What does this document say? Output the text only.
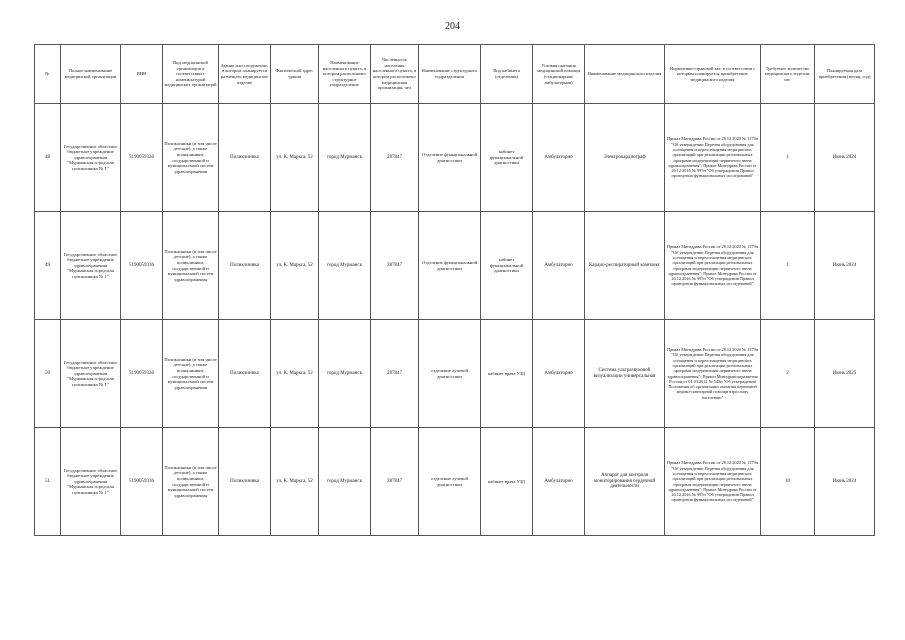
204
№	Полное наименование медицинской организации	ИНН	Вид медицинской организации в соответствии с номенклатурой медицинских организаций	Здание или сооружение, в котором планируется размещать медицинское изделие	Фактический адрес здания	Наименование населенного пункта, в котором расположено структурное подразделение	Численность населения населенного пункта, в котором расположено медицинская организация, чел	Наименование структурного подразделения	Вид кабинета (отделения)	Условия оказания медицинской помощи (стационарная/ амбулаторная)	Наименование медицинского изделия	Нормативно-правовой акт, в соответствии с которым планируется приобретение медицинского изделия	Требуемое количество медицинского изделия, шт.	Планируемая дата приобретения (месяц, год)
48	Государственное областное бюджетное учреждение здравоохранения "Мурманская городская поликлиника № 1"	5190059336	Поликлиники (в том числе детские), а также поликлиники, государственной и муниципальной систем здравоохранения	Поликлиника	ул. К. Маркса, 52	город Мурманск	287847	Отделение функциональной диагностики	кабинет функциональной диагностики	Амбулаторно	Электрокардиограф	Приказ Минздрава России от 28.12.2020 № 1379н "Об утверждении Перечня оборудования для оснащения и переоснащения медицинских организаций при реализации региональных программ модернизации первичного звена здравоохранения"; Приказ Минздрава России от 26.12.2016 № 997н "Об утверждении Правил проведения функциональных исследований"	1	Июнь 2024
49	Государственное областное бюджетное учреждение здравоохранения "Мурманская городская поликлиника № 1"	5190059336	Поликлиники (в том числе детские), а также поликлиники, государственной и муниципальной систем здравоохранения	Поликлиника	ул. К. Маркса, 52	город Мурманск	287847	Отделение функциональной диагностики	кабинет функциональной диагностики	Амбулаторно	Кардио-респираторный комплекс	Приказ Минздрава России от 28.12.2020 № 1379н "Об утверждении Перечня оборудования для оснащения и переоснащения медицинских организаций при реализации региональных программ модернизации первичного звена здравоохранения"; Приказ Минздрава России от 26.12.2016 № 997н "Об утверждении Правил проведения функциональных исследований"	1	Июнь 2024
50	Государственное областное бюджетное учреждение здравоохранения "Мурманская городская поликлиника № 1"	5190059336	Поликлиники (в том числе детские), а также поликлиники, государственной и муниципальной систем здравоохранения	Поликлиника	ул. К. Маркса, 52	город Мурманск	287847	отделение лучевой диагностики	кабинет врача УЗД	Амбулаторно	Система ультразвуковой визуализации универсальная	Приказ Минздрава России от 28.12.2020 № 1379н "Об утверждении Перечня оборудования для оснащения и переоснащения медицинских организаций при реализации региональных программ модернизации первичного звена здравоохранения"; Приказ Минздравсоцразвития России от 01.03.2012 № 543н "Об утверждении Положения об организации оказания первичной медико-санитарной помощи взрослому населению"	2	Июнь 2025
51	Государственное областное бюджетное учреждение здравоохранения "Мурманская городская поликлиника № 1"	5190059336	Поликлиники (в том числе детские), а также поликлиники, государственной и муниципальной систем здравоохранения	Поликлиника	ул. К. Маркса, 52	город Мурманск	287847	отделение лучевой диагностики	кабинет врача УЗД	Амбулаторно	Аппарат для контроля мониторирования сердечной деятельности	Приказ Минздрава России от 28.12.2020 № 1379н "Об утверждении Перечня оборудования для оснащения и переоснащения медицинских организаций при реализации региональных программ модернизации первичного звена здравоохранения"; Приказ Минздрава России от 26.12.2016 № 997н "Об утверждении Правил проведения функциональных исследований"	10	Июнь 2024
